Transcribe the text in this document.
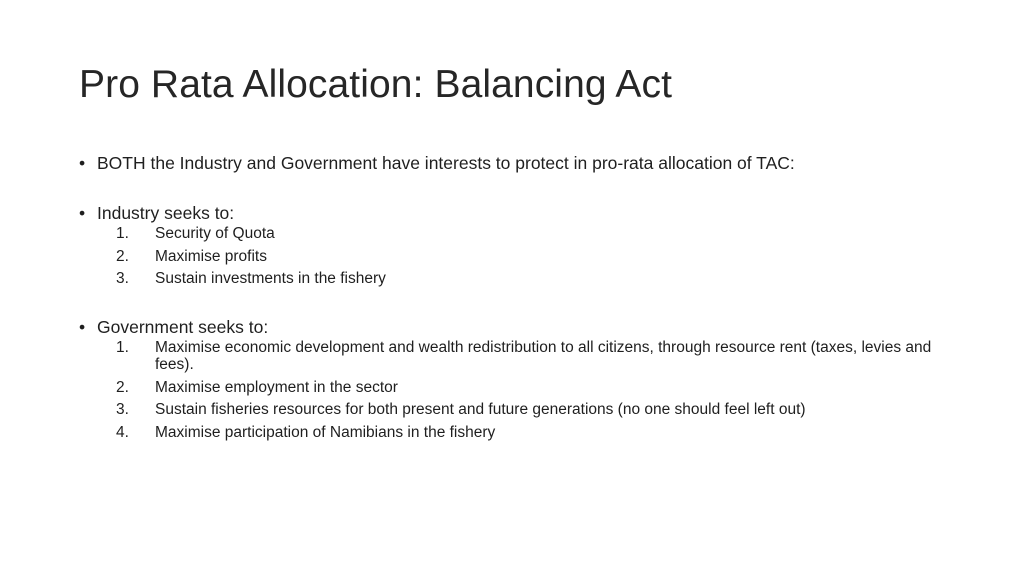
Pro Rata Allocation: Balancing Act
• BOTH the Industry and Government have interests to protect in pro-rata allocation of TAC:
• Industry seeks to:
1.	Security of Quota
2.	Maximise profits
3.	Sustain investments in the fishery
• Government seeks to:
1.	Maximise economic development and wealth redistribution to all citizens, through resource rent (taxes, levies and fees).
2.	Maximise employment in the sector
3.	Sustain fisheries resources for both present and future generations (no one should feel left out)
4.	Maximise participation of Namibians in the fishery
